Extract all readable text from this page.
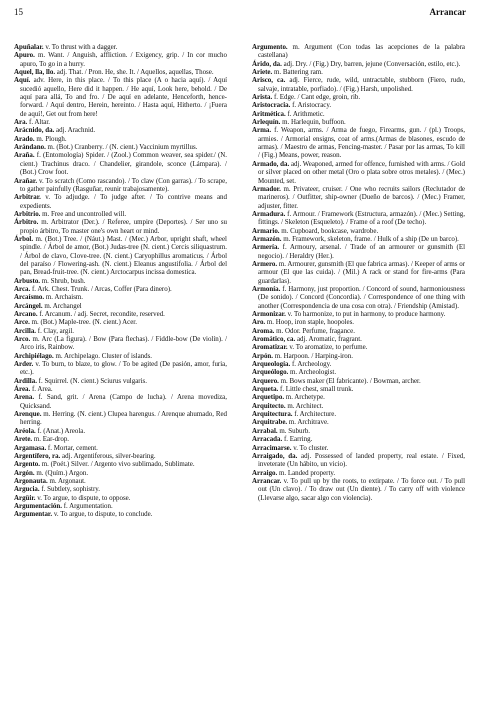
15	Arrancar

Apuñalar. v. To thrust with a dagger.

Apuro. m. Want. / Anguish, affliction. / Exigency, grip. / In cor mucho apuro, To go in a hurry.

Aquel, lla, llo. adj. That. / Pron. He, she. It. / Aquellos, aquellas, Those.

Aquí. adv. Here, in this place. / To this place (A o hacia aquí). / Aquí sucedió aquello, Here did it happen. / He aquí, Look here, behold. / De aquí para allá, To and fro. / De aquí en adelante, Henceforth, hence-forward. / Aquí dentro, Herein, hereinto. / Hasta aquí, Hitherto. / ¡Fuera de aquí!, Get out from here!

Ara. f. Altar.

Arácnido, da. adj. Arachnid.

Arado. m. Plough.

Arándano. m. (Bot.) Cranberry. / (N. cient.) Vaccinium myrtillus.

Araña. f. (Entomología) Spider. / (Zool.) Common weaver, sea spider./ (N. cient.) Trachinus draco. / Chandelier, girandole, sconce (Lámpara). / (Bot.) Crow foot.

Arañar. v. To scratch (Como rascando). / To claw (Con garras). / To scrape, to gather painfully (Rasguñar, reunir trabajosamente).

Arbitrar. v. To adjudge. / To judge after. / To contrive means and expedients.

Arbitrio. m. Free and uncontrolled will.

Árbitro. m. Arbitrator (Der.). / Referee, umpire (Deportes). / Ser uno su propio árbitro, To master one's own heart or mind.

Árbol. m. (Bot.) Tree. / (Náut.) Mast. / (Mec.) Arbor, upright shaft, wheel spindle. / Árbol de amor, (Bot.) Judas-tree (N. cient.) Cercis siliquastrum. / Árbol de clavo, Clove-tree. (N. cient.) Caryophillus aromaticus. / Árbol del paraíso / Flowering-ash. (N. cient.) Eleanus angustifolia. / Árbol del pan, Bread-fruit-tree. (N. cient.) Arctocarpus incissa domestica.

Arbusto. m. Shrub, bush.

Arca. f. Ark. Chest. Trunk. / Arcas, Coffer (Para dinero).

Arcaísmo. m. Archaism.

Arcángel. m. Archangel

Arcano. f. Arcanum. / adj. Secret, recondite, reserved.

Arce. m. (Bot.) Maple-tree. (N. cient.) Acer.

Arcilla. f. Clay, argil.

Arco. m. Arc (La figura). / Bow (Para flechas). / Fiddle-bow (De violín). / Arco iris, Rainbow.

Archipiélago. m. Archipelago. Cluster of islands.

Arder. v. To burn, to blaze, to glow. / To be agited (De pasión, amor, furia, etc.).

Ardilla. f. Squirrel. (N. cient.) Sciurus vulgaris.

Área. f. Area.

Arena. f. Sand, grit. / Arena (Campo de lucha). / Arena movediza, Quicksand.

Arenque. m. Herring. (N. cient.) Clupea harengus. / Arenque ahumado, Red herring.

Aréola. f. (Anat.) Areola.

Arete. m. Ear-drop.

Argamasa. f. Mortar, cement.

Argentífero, ra. adj. Argentiferous, silver-bearing.

Argento. m. (Poét.) Silver. / Argento vivo sublimado, Sublimate.

Argón. m. (Quím.) Argon.

Argonauta. m. Argonaut.

Argucia. f. Subtlety, sophistry.

Argüir. v. To argue, to dispute, to oppose.

Argumentación. f. Argumentation.

Argumentar. v. To argue, to dispute, to conclude.

Argumento. m. Argument (Con todas las acepciones de la palabra castellana)

Árido, da. adj. Dry. / (Fig.) Dry, barren, jejune (Conversación, estilo, etc.).

Ariete. m. Battering ram.

Arisco, ca. adj. Fierce, rude, wild, untractable, stubborn (Fiero, rudo, salvaje, intratable, porfiado). / (Fig.) Harsh, unpolished.

Arista. f. Edge. / Cant edge, groin, rib.

Aristocracia. f. Aristocracy.

Aritmética. f. Arithmetic.

Arlequín. m. Harlequin, buffoon.

Arma. f. Weapon, arms. / Arma de fuego, Firearms, gun. / (pl.) Troops, armies. / Armorial ensigns, coat of arms.(Armas de blasones, escudo de armas). / Maestro de armas, Fencing-master. / Pasar por las armas, To kill / (Fig.) Means, power, reason.

Armado, da. adj. Weaponed, armed for offence, furnished with arms. / Gold or silver placed on other metal (Oro o plata sobre otros metales). / (Mec.) Mounted, set.

Armador. m. Privateer, cruiser. / One who recruits sailors (Reclutador de marineros). / Outfitter, ship-owner (Dueño de barcos). / (Mec.) Framer, adjuster, fitter.

Armadura. f. Armour. / Framework (Estructura, armazón). / (Mec.) Setting, fittings. / Skeleton (Esqueleto). / Frame of a roof (De techo).

Armario. m. Cupboard, bookcase, wardrobe.

Armazón. m. Framework, skeleton, frame. / Hulk of a ship (De un barco).

Armería. f. Armoury, arsenal. / Trade of an armourer or gunsmith (El negocio). / Heraldry (Her.).

Armero. m. Armourer, gunsmith (El que fabrica armas). / Keeper of arms or armour (El que las cuida). / (Mil.) A rack or stand for fire-arms (Para guardarlas).

Armonía. f. Harmony, just proportion. / Concord of sound, harmoniousness (De sonido). / Concord (Concordia). / Correspondence of one thing with another (Correspondencia de una cosa con otra). / Friendship (Amistad).

Armonizar. v. To harmonize, to put in harmony, to produce harmony.

Aro. m. Hoop, iron staple, hoopoles.

Aroma. m. Odor. Perfume, fragance.

Aromático, ca. adj. Aromatic, fragrant.

Aromatizar. v. To aromatize, to perfume.

Arpón. m. Harpoon. / Harping-iron.

Arqueología. f. Archeology.

Arqueólogo. m. Archeologist.

Arquero. m. Bows maker (El fabricante). / Bowman, archer.

Arqueta. f. Little chest, small trunk.

Arquetipo. m. Archetype.

Arquitecto. m. Architect.

Arquitectura. f. Architecture.

Arquitrabe. m. Architrave.

Arrabal. m. Suburb.

Arracada. f. Earring.

Arracimarse. v. To cluster.

Arraigado, da. adj. Possessed of landed property, real estate. / Fixed, inveterate (Un hábito, un vicio).

Arraigo. m. Landed property.

Arrancar. v. To pull up by the roots, to extirpate. / To force out. / To pull out (Un clavo). / To draw out (Un diente). / To carry off with violence (Llevarse algo, sacar algo con violencia).
